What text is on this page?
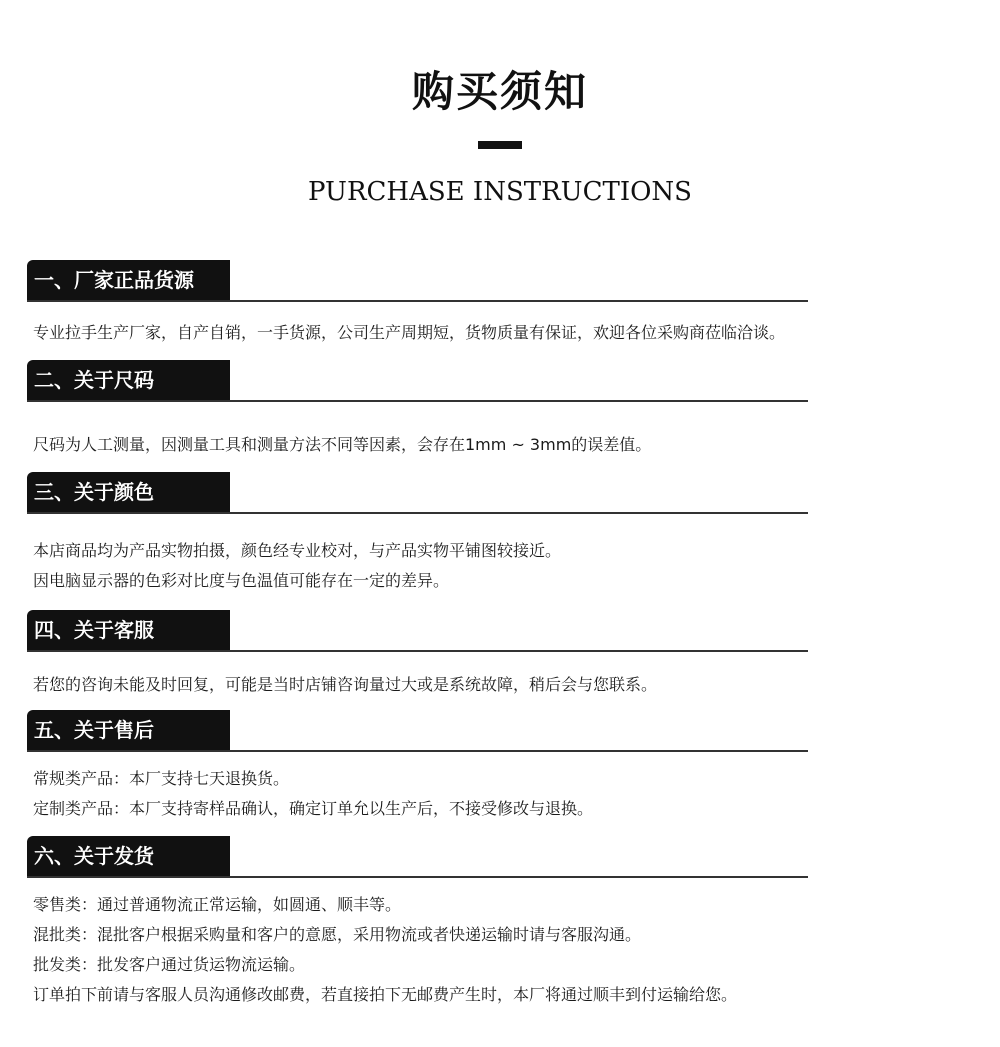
购买须知
PURCHASE INSTRUCTIONS
一、厂家正品货源
专业拉手生产厂家，自产自销，一手货源，公司生产周期短，货物质量有保证，欢迎各位采购商莅临洽谈。
二、关于尺码
尺码为人工测量，因测量工具和测量方法不同等因素，会存在1mm ~ 3mm的误差值。
三、关于颜色
本店商品均为产品实物拍摄，颜色经专业校对，与产品实物平铺图较接近。
因电脑显示器的色彩对比度与色温值可能存在一定的差异。
四、关于客服
若您的咨询未能及时回复，可能是当时店铺咨询量过大或是系统故障，稍后会与您联系。
五、关于售后
常规类产品：本厂支持七天退换货。
定制类产品：本厂支持寄样品确认，确定订单允以生产后，不接受修改与退换。
六、关于发货
零售类：通过普通物流正常运输，如圆通、顺丰等。
混批类：混批客户根据采购量和客户的意愿，采用物流或者快递运输时请与客服沟通。
批发类：批发客户通过货运物流运输。
订单拍下前请与客服人员沟通修改邮费，若直接拍下无邮费产生时，本厂将通过顺丰到付运输给您。
